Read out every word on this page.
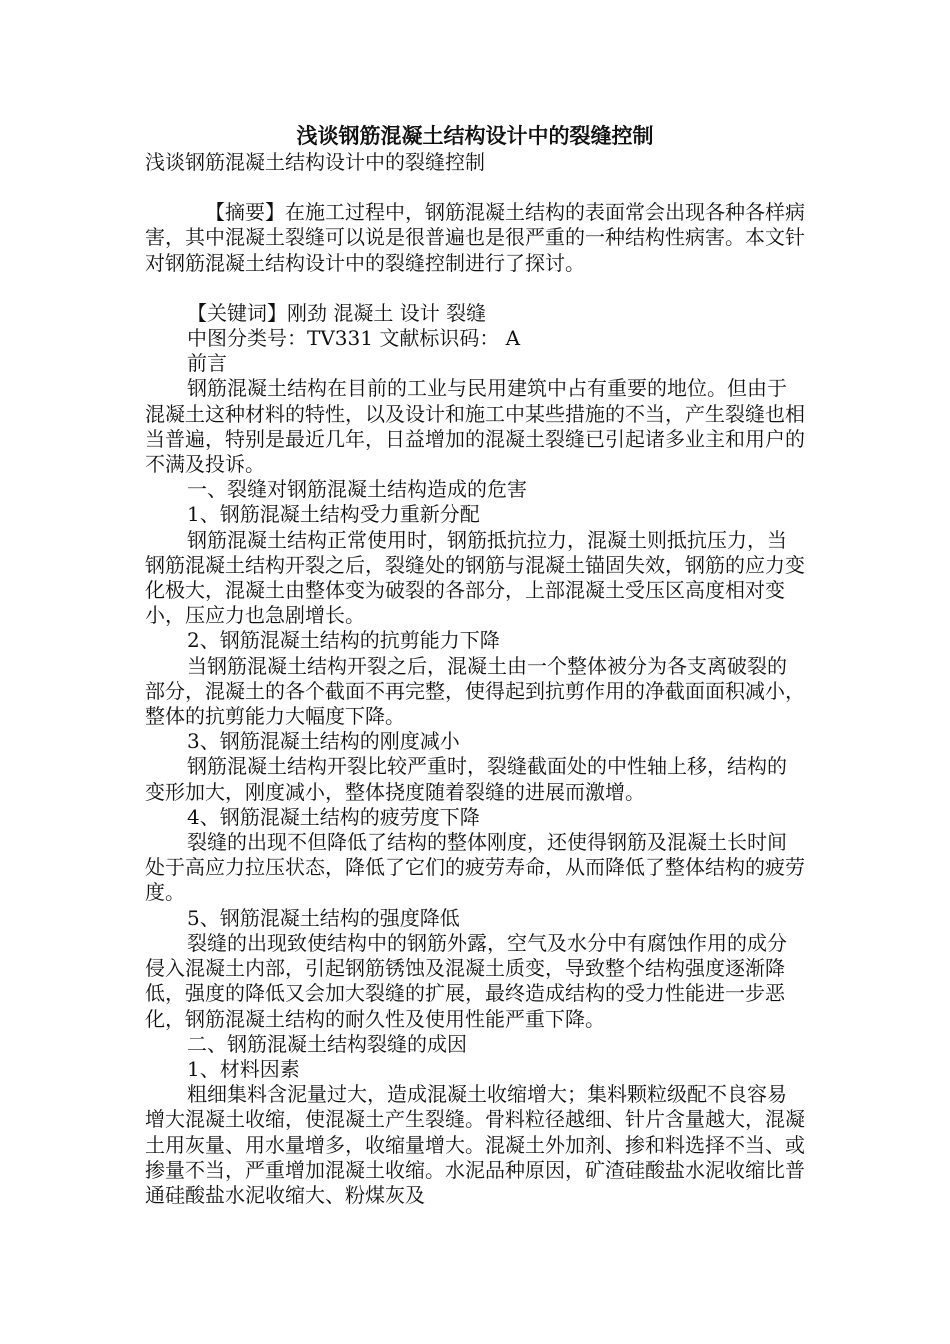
浅谈钢筋混凝土结构设计中的裂缝控制

浅谈钢筋混凝土结构设计中的裂缝控制

【摘要】在施工过程中，钢筋混凝土结构的表面常会出现各种各样病害，其中混凝土裂缝可以说是很普遍也是很严重的一种结构性病害。本文针对钢筋混凝土结构设计中的裂缝控制进行了探讨。

【关键词】刚劲 混凝土 设计 裂缝

中图分类号：TV331 文献标识码： A

前言

钢筋混凝土结构在目前的工业与民用建筑中占有重要的地位。但由于混凝土这种材料的特性，以及设计和施工中某些措施的不当，产生裂缝也相当普遍，特别是最近几年，日益增加的混凝土裂缝已引起诸多业主和用户的不满及投诉。

一、裂缝对钢筋混凝土结构造成的危害

1、钢筋混凝土结构受力重新分配

钢筋混凝土结构正常使用时，钢筋抵抗拉力，混凝土则抵抗压力，当钢筋混凝土结构开裂之后，裂缝处的钢筋与混凝土锚固失效，钢筋的应力变化极大，混凝土由整体变为破裂的各部分，上部混凝土受压区高度相对变小，压应力也急剧增长。

2、钢筋混凝土结构的抗剪能力下降

当钢筋混凝土结构开裂之后，混凝土由一个整体被分为各支离破裂的部分，混凝土的各个截面不再完整，使得起到抗剪作用的净截面面积减小，整体的抗剪能力大幅度下降。

3、钢筋混凝土结构的刚度减小

钢筋混凝土结构开裂比较严重时，裂缝截面处的中性轴上移，结构的变形加大，刚度减小，整体挠度随着裂缝的进展而激增。

4、钢筋混凝土结构的疲劳度下降

裂缝的出现不但降低了结构的整体刚度，还使得钢筋及混凝土长时间处于高应力拉压状态，降低了它们的疲劳寿命，从而降低了整体结构的疲劳度。

5、钢筋混凝土结构的强度降低

裂缝的出现致使结构中的钢筋外露，空气及水分中有腐蚀作用的成分侵入混凝土内部，引起钢筋锈蚀及混凝土质变，导致整个结构强度逐渐降低，强度的降低又会加大裂缝的扩展，最终造成结构的受力性能进一步恶化，钢筋混凝土结构的耐久性及使用性能严重下降。

二、钢筋混凝土结构裂缝的成因

1、材料因素

粗细集料含泥量过大，造成混凝土收缩增大；集料颗粒级配不良容易增大混凝土收缩，使混凝土产生裂缝。骨料粒径越细、针片含量越大，混凝土用灰量、用水量增多，收缩量增大。混凝土外加剂、掺和料选择不当、或掺量不当，严重增加混凝土收缩。水泥品种原因，矿渣硅酸盐水泥收缩比普通硅酸盐水泥收缩大、粉煤灰及
